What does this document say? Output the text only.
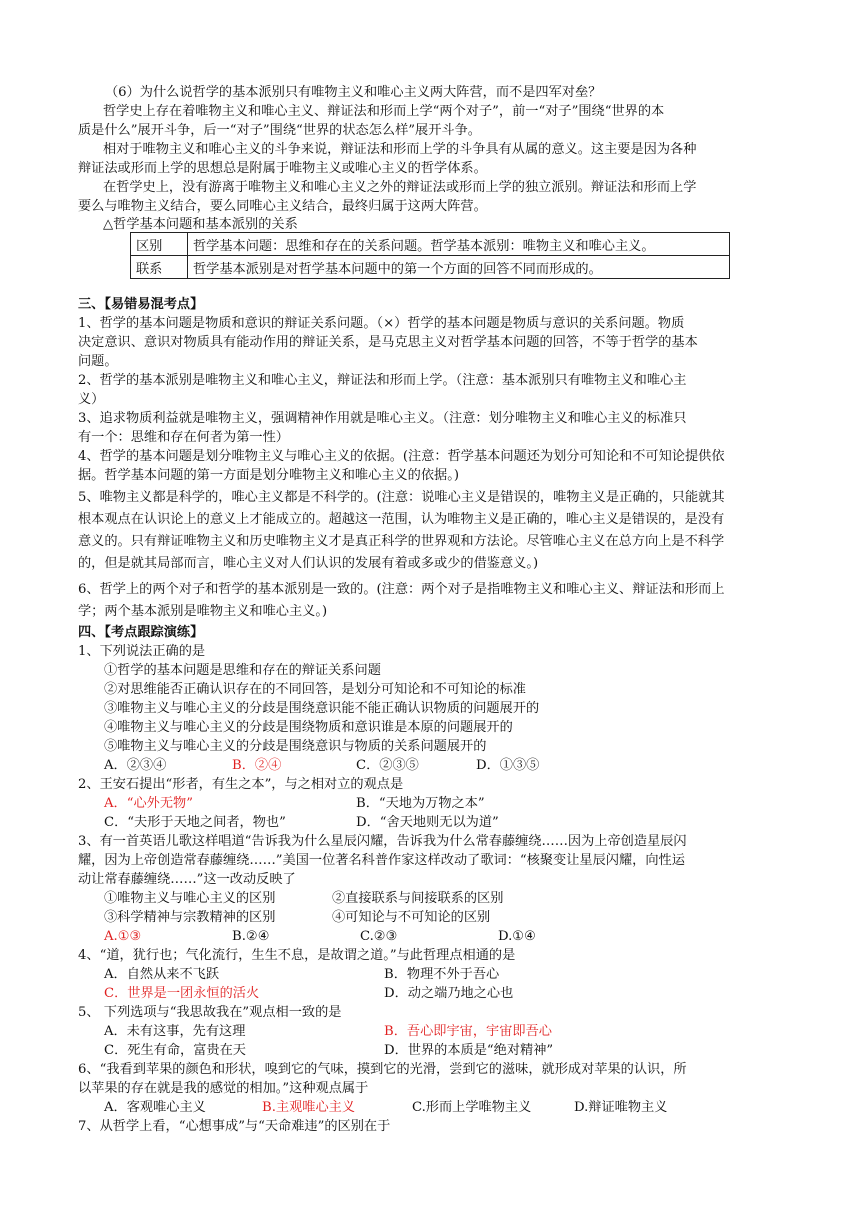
（6）为什么说哲学的基本派别只有唯物主义和唯心主义两大阵营，而不是四军对垒？
哲学史上存在着唯物主义和唯心主义、辩证法和形而上学“两个对子”，前一“对子”围绕“世界的本
质是什么”展开斗争，后一“对子”围绕“世界的状态怎么样”展开斗争。
相对于唯物主义和唯心主义的斗争来说，辩证法和形而上学的斗争具有从属的意义。这主要是因为各种
辩证法或形而上学的思想总是附属于唯物主义或唯心主义的哲学体系。
在哲学史上，没有游离于唯物主义和唯心主义之外的辩证法或形而上学的独立派别。辩证法和形而上学
要么与唯物主义结合，要么同唯心主义结合，最终归属于这两大阵营。
△哲学基本问题和基本派别的关系
区别	哲学基本问题：思维和存在的关系问题。哲学基本派别：唯物主义和唯心主义。
联系	哲学基本派别是对哲学基本问题中的第一个方面的回答不同而形成的。
三、【易错易混考点】
1、哲学的基本问题是物质和意识的辩证关系问题。（×）哲学的基本问题是物质与意识的关系问题。物质
决定意识、意识对物质具有能动作用的辩证关系，是马克思主义对哲学基本问题的回答，不等于哲学的基本
问题。
2、哲学的基本派别是唯物主义和唯心主义，辩证法和形而上学。（注意：基本派别只有唯物主义和唯心主
义）
3、追求物质利益就是唯物主义，强调精神作用就是唯心主义。（注意：划分唯物主义和唯心主义的标准只
有一个：思维和存在何者为第一性）
4、哲学的基本问题是划分唯物主义与唯心主义的依据。(注意：哲学基本问题还为划分可知论和不可知论提供依
据。哲学基本问题的第一方面是划分唯物主义和唯心主义的依据。)
5、唯物主义都是科学的，唯心主义都是不科学的。(注意：说唯心主义是错误的，唯物主义是正确的，只能就其
根本观点在认识论上的意义上才能成立的。超越这一范围，认为唯物主义是正确的，唯心主义是错误的，是没有
意义的。只有辩证唯物主义和历史唯物主义才是真正科学的世界观和方法论。尽管唯心主义在总方向上是不科学
的，但是就其局部而言，唯心主义对人们认识的发展有着或多或少的借鉴意义。)
6、哲学上的两个对子和哲学的基本派别是一致的。(注意：两个对子是指唯物主义和唯心主义、辩证法和形而上
学；两个基本派别是唯物主义和唯心主义。)
四、【考点跟踪演练】
1、下列说法正确的是
①哲学的基本问题是思维和存在的辩证关系问题
②对思维能否正确认识存在的不同回答，是划分可知论和不可知论的标准
③唯物主义与唯心主义的分歧是围绕意识能不能正确认识物质的问题展开的
④唯物主义与唯心主义的分歧是围绕物质和意识谁是本原的问题展开的
⑤唯物主义与唯心主义的分歧是围绕意识与物质的关系问题展开的
A．②③④	B．②④	C．②③⑤	D．①③⑤
2、王安石提出“形者，有生之本”，与之相对立的观点是
A．“心外无物”	B．“天地为万物之本”
C．“夫形于天地之间者，物也”	D．“舍天地则无以为道”
3、有一首英语儿歌这样唱道“告诉我为什么星辰闪耀，告诉我为什么常春藤缠绕……因为上帝创造星辰闪
耀，因为上帝创造常春藤缠绕……”美国一位著名科普作家这样改动了歌词：“核聚变让星辰闪耀，向性运
动让常春藤缠绕……”这一改动反映了
①唯物主义与唯心主义的区别	②直接联系与间接联系的区别
③科学精神与宗教精神的区别	④可知论与不可知论的区别
A.①③	B.②④	C.②③	D.①④
4、“道，犹行也；气化流行，生生不息，是故谓之道。”与此哲理点相通的是
A．自然从来不飞跃	B．物理不外于吾心
C．世界是一团永恒的活火	D．动之端乃地之心也
5、 下列选项与“我思故我在”观点相一致的是
A．未有这事，先有这理	B．吾心即宇宙，宇宙即吾心
C．死生有命，富贵在天	D．世界的本质是“绝对精神”
6、“我看到苹果的颜色和形状，嗅到它的气味，摸到它的光滑，尝到它的滋味，就形成对苹果的认识，所
以苹果的存在就是我的感觉的相加。”这种观点属于
A．客观唯心主义	B.主观唯心主义	C.形而上学唯物主义	D.辩证唯物主义
7、从哲学上看，“心想事成”与“天命难违”的区别在于
